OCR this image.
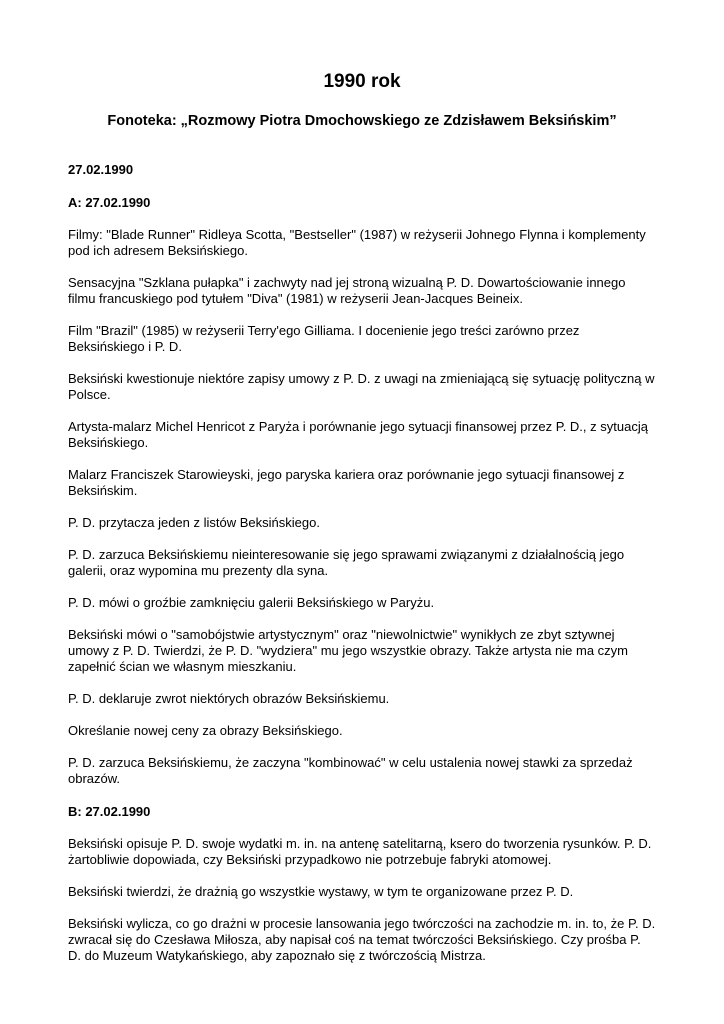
1990 rok
Fonoteka: „Rozmowy Piotra Dmochowskiego ze Zdzisławem Beksińskim”
27.02.1990
A: 27.02.1990

Filmy: "Blade Runner" Ridleya Scotta, "Bestseller" (1987) w reżyserii Johnego Flynna i komplementy pod ich adresem Beksińskiego.

Sensacyjna "Szklana pułapka" i zachwyty nad jej stroną wizualną P. D. Dowartościowanie innego filmu francuskiego pod tytułem "Diva" (1981) w reżyserii Jean-Jacques Beineix.

Film "Brazil" (1985) w reżyserii Terry'ego Gilliama. I docenienie jego treści zarówno przez Beksińskiego i P. D.

Beksiński kwestionuje niektóre zapisy umowy z P. D. z uwagi na zmieniającą się sytuację polityczną w Polsce.

Artysta-malarz Michel Henricot z Paryża i porównanie jego sytuacji finansowej przez P. D., z sytuacją Beksińskiego.

Malarz Franciszek Starowieyski, jego paryska kariera oraz porównanie jego sytuacji finansowej z Beksińskim.

P. D. przytacza jeden z listów Beksińskiego.

P. D. zarzuca Beksińskiemu nieinteresowanie się jego sprawami związanymi z działalnością jego galerii, oraz wypomina mu prezenty dla syna.

P. D. mówi o groźbie zamknięciu galerii Beksińskiego w Paryżu.

Beksiński mówi o "samobójstwie artystycznym" oraz "niewolnictwie" wynikłych ze zbyt sztywnej umowy z P. D. Twierdzi, że P. D. "wydziera" mu jego wszystkie obrazy. Także artysta nie ma czym zapełnić ścian we własnym mieszkaniu.

P. D. deklaruje zwrot niektórych obrazów Beksińskiemu.

Określanie nowej ceny za obrazy Beksińskiego.

P. D. zarzuca Beksińskiemu, że zaczyna "kombinować" w celu ustalenia nowej stawki za sprzedaż obrazów.

B: 27.02.1990

Beksiński opisuje P. D. swoje wydatki m. in. na antenę satelitarną, ksero do tworzenia rysunków. P. D. żartobliwie dopowiada, czy Beksiński przypadkowo nie potrzebuje fabryki atomowej.

Beksiński twierdzi, że drażnią go wszystkie wystawy, w tym te organizowane przez P. D.

Beksiński wylicza, co go drażni w procesie lansowania jego twórczości na zachodzie m. in. to, że P. D. zwracał się do Czesława Miłosza, aby napisał coś na temat twórczości Beksińskiego. Czy prośba P. D. do Muzeum Watykańskiego, aby zapoznało się z twórczością Mistrza.
